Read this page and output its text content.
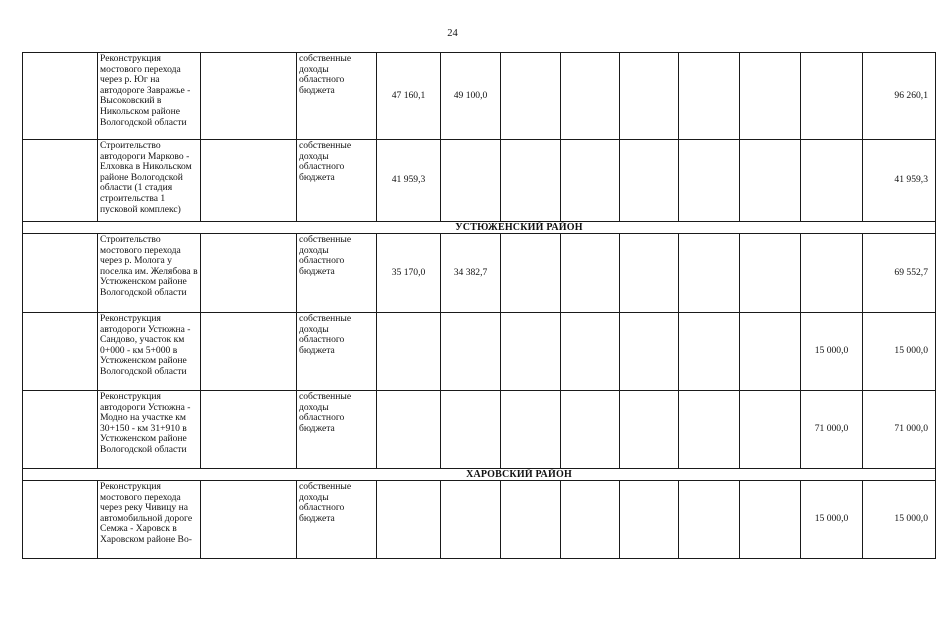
24
	Реконструкция мостового перехода через р. Юг на автодороге Завражье - Высоковский в Никольском районе Вологодской области		собственные доходы областного бюджета	47 160,1	49 100,0							96 260,1
	Строительство автодороги Марково - Елховка в Никольском районе Вологодской области (1 стадия строительства 1 пусковой комплекс)		собственные доходы областного бюджета	41 959,3								41 959,3
УСТЮЖЕНСКИЙ РАЙОН												
	Строительство мостового перехода через р. Молога у поселка им. Желябова в Устюженском районе Вологодской области		собственные доходы областного бюджета	35 170,0	34 382,7							69 552,7
	Реконструкция автодороги Устюжна - Сандово, участок км 0+000 - км 5+000 в Устюженском районе Вологодской области		собственные доходы областного бюджета								15 000,0	15 000,0
	Реконструкция автодороги Устюжна - Модно на участке км 30+150 - км 31+910 в Устюженском районе Вологодской области		собственные доходы областного бюджета								71 000,0	71 000,0
ХАРОВСКИЙ РАЙОН												
	Реконструкция мостового перехода через реку Чивицу на автомобильной дороге Семжа - Харовск в Харовском районе Во-		собственные доходы областного бюджета								15 000,0	15 000,0
